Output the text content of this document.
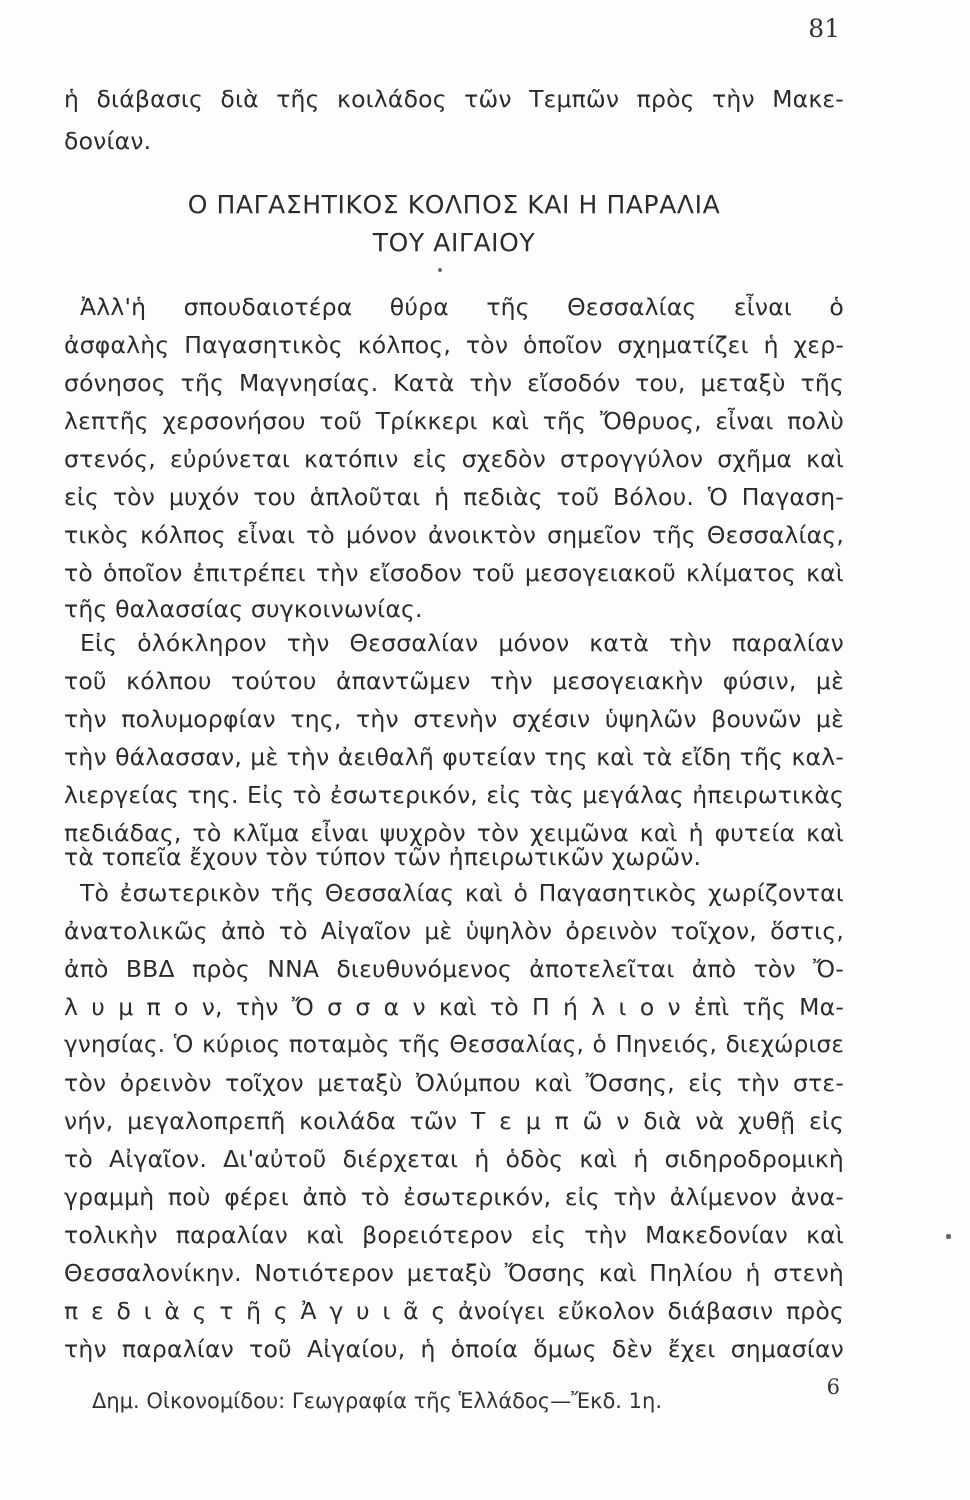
81
ἡ διάβασις διὰ τῆς κοιλάδος τῶν Τεμπῶν πρὸς τὴν Μακε-
δονίαν.
Ο ΠΑΓΑΣΗΤΙΚΟΣ ΚΟΛΠΟΣ ΚΑΙ Η ΠΑΡΑΛΙΑ
ΤΟΥ ΑΙΓΑΙΟΥ
Ἀλλ'ἡ σπουδαιοτέρα θύρα τῆς Θεσσαλίας εἶναι ὁ
ἀσφαλὴς Παγασητικὸς κόλπος, τὸν ὁποῖον σχηματίζει ἡ χερ-
σόνησος τῆς Μαγνησίας. Κατὰ τὴν εἴσοδόν του, μεταξὺ τῆς
λεπτῆς χερσονήσου τοῦ Τρίκκερι καὶ τῆς Ὄθρυος, εἶναι πολὺ
στενός, εὐρύνεται κατόπιν εἰς σχεδὸν στρογγύλον σχῆμα καὶ
εἰς τὸν μυχόν του ἁπλοῦται ἡ πεδιὰς τοῦ Βόλου. Ὁ Παγαση-
τικὸς κόλπος εἶναι τὸ μόνον ἀνοικτὸν σημεῖον τῆς Θεσσαλίας,
τὸ ὁποῖον ἐπιτρέπει τὴν εἴσοδον τοῦ μεσογειακοῦ κλίματος καὶ
τῆς θαλασσίας συγκοινωνίας.
Εἰς ὁλόκληρον τὴν Θεσσαλίαν μόνον κατὰ τὴν παραλίαν
τοῦ κόλπου τούτου ἀπαντῶμεν τὴν μεσογειακὴν φύσιν, μὲ
τὴν πολυμορφίαν της, τὴν στενὴν σχέσιν ὑψηλῶν βουνῶν μὲ
τὴν θάλασσαν, μὲ τὴν ἀειθαλῆ φυτείαν της καὶ τὰ εἴδη τῆς καλ-
λιεργείας της. Εἰς τὸ ἐσωτερικόν, εἰς τὰς μεγάλας ἠπειρωτικὰς
πεδιάδας, τὸ κλῖμα εἶναι ψυχρὸν τὸν χειμῶνα καὶ ἡ φυτεία καὶ
τὰ τοπεῖα ἔχουν τὸν τύπον τῶν ἠπειρωτικῶν χωρῶν.
Τὸ ἐσωτερικὸν τῆς Θεσσαλίας καὶ ὁ Παγασητικὸς χωρίζονται
ἀνατολικῶς ἀπὸ τὸ Αἰγαῖον μὲ ὑψηλὸν ὀρεινὸν τοῖχον, ὅστις,
ἀπὸ ΒΒΔ πρὸς ΝΝΑ διευθυνόμενος ἀποτελεῖται ἀπὸ τὸν Ὄ-
λ υ μ π ο ν, τὴν Ὄ σ σ α ν καὶ τὸ Π ή λ ι ο ν ἐπὶ τῆς Μα-
γνησίας. Ὁ κύριος ποταμὸς τῆς Θεσσαλίας, ὁ Πηνειός, διεχώρισε
τὸν ὀρεινὸν τοῖχον μεταξὺ Ὀλύμπου καὶ Ὄσσης, εἰς τὴν στε-
νήν, μεγαλοπρεπῆ κοιλάδα τῶν Τ ε μ π ῶ ν διὰ νὰ χυθῇ εἰς
τὸ Αἰγαῖον. Δι'αὐτοῦ διέρχεται ἡ ὁδὸς καὶ ἡ σιδηροδρομικὴ
γραμμὴ ποὺ φέρει ἀπὸ τὸ ἐσωτερικόν, εἰς τὴν ἀλίμενον ἀνα-
τολικὴν παραλίαν καὶ βορειότερον εἰς τὴν Μακεδονίαν καὶ
Θεσσαλονίκην. Νοτιότερον μεταξὺ Ὄσσης καὶ Πηλίου ἡ στενὴ
π ε δ ι ὰ ς τ ῆ ς Ἀ γ υ ι ᾶ ς ἀνοίγει εὔκολον διάβασιν πρὸς
τὴν παραλίαν τοῦ Αἰγαίου, ἡ ὁποία ὅμως δὲν ἔχει σημασίαν
Δημ. Οἰκονομίδου: Γεωγραφία τῆς Ἑλλάδος—Ἔκδ. 1η.
6
